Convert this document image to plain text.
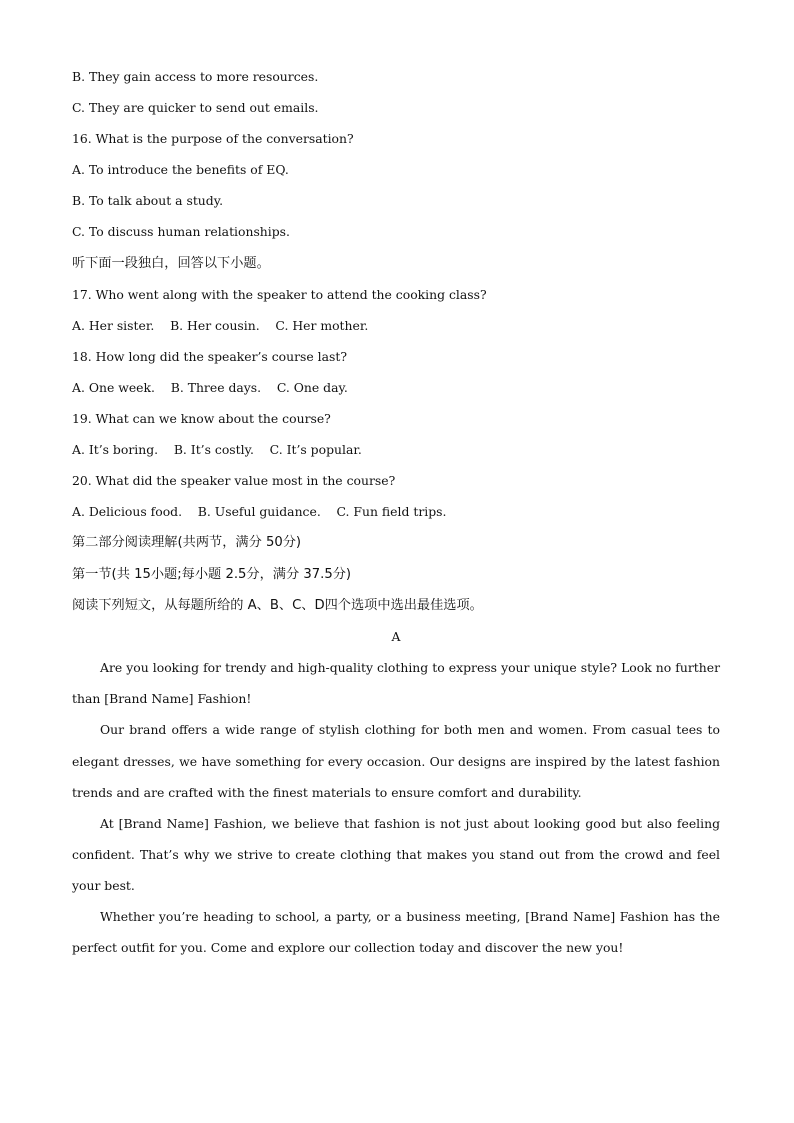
B. They gain access to more resources.
C. They are quicker to send out emails.
16. What is the purpose of the conversation?
A. To introduce the benefits of EQ.
B. To talk about a study.
C. To discuss human relationships.
听下面一段独白，回答以下小题。
17. Who went along with the speaker to attend the cooking class?
A. Her sister.    B. Her cousin.    C. Her mother.
18. How long did the speaker’s course last?
A. One week.    B. Three days.    C. One day.
19. What can we know about the course?
A. It’s boring.    B. It’s costly.    C. It’s popular.
20. What did the speaker value most in the course?
A. Delicious food.    B. Useful guidance.    C. Fun field trips.
第二部分阅读理解(共两节，满分 50分)
第一节(共 15小题;每小题 2.5分，满分 37.5分)
阅读下列短文，从每题所给的 A、B、C、D四个选项中选出最佳选项。
A
Are you looking for trendy and high-quality clothing to express your unique style? Look no further than [Brand Name] Fashion!
Our brand offers a wide range of stylish clothing for both men and women. From casual tees to elegant dresses, we have something for every occasion. Our designs are inspired by the latest fashion trends and are crafted with the finest materials to ensure comfort and durability.
At [Brand Name] Fashion, we believe that fashion is not just about looking good but also feeling confident. That’s why we strive to create clothing that makes you stand out from the crowd and feel your best.
Whether you’re heading to school, a party, or a business meeting, [Brand Name] Fashion has the perfect outfit for you. Come and explore our collection today and discover the new you!
